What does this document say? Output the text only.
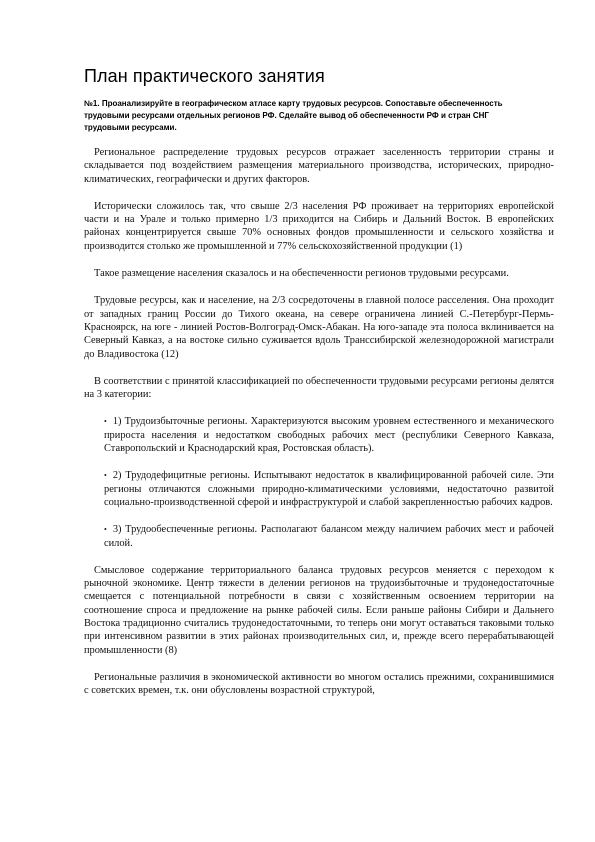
План практического занятия
№1. Проанализируйте в географическом атласе карту трудовых ресурсов. Сопоставьте обеспеченность трудовыми ресурсами отдельных регионов РФ. Сделайте вывод об обеспеченности РФ и стран СНГ трудовыми ресурсами.

Региональное распределение трудовых ресурсов отражает заселенность территории страны и складывается под воздействием размещения материального производства, исторических, природно-климатических, географически и других факторов.

Исторически сложилось так, что свыше 2/3 населения РФ проживает на территориях европейской части и на Урале и только примерно 1/3 приходится на Сибирь и Дальний Восток. В европейских районах концентрируется свыше 70% основных фондов промышленности и сельского хозяйства и производится столько же промышленной и 77% сельскохозяйственной продукции (1)

Такое размещение населения сказалось и на обеспеченности регионов трудовыми ресурсами.

Трудовые ресурсы, как и население, на 2/3 сосредоточены в главной полосе расселения. Она проходит от западных границ России до Тихого океана, на севере ограничена линией С.-Петербург-Пермь-Красноярск, на юге - линией Ростов-Волгоград-Омск-Абакан. На юго-западе эта полоса вклинивается на Северный Кавказ, а на востоке сильно суживается вдоль Транссибирской железнодорожной магистрали до Владивостока (12)

В соответствии с принятой классификацией по обеспеченности трудовыми ресурсами регионы делятся на 3 категории:

• 1) Трудоизбыточные регионы. Характеризуются высоким уровнем естественного и механического прироста населения и недостатком свободных рабочих мест (республики Северного Кавказа, Ставропольский и Краснодарский края, Ростовская область).
• 2) Трудодефицитные регионы. Испытывают недостаток в квалифицированной рабочей силе. Эти регионы отличаются сложными природно-климатическими условиями, недостаточно развитой социально-производственной сферой и инфраструктурой и слабой закрепленностью рабочих кадров.
• 3) Трудообеспеченные регионы. Располагают балансом между наличием рабочих мест и рабочей силой.

Смысловое содержание территориального баланса трудовых ресурсов меняется с переходом к рыночной экономике. Центр тяжести в делении регионов на трудоизбыточные и трудонедостаточные смещается с потенциальной потребности в связи с хозяйственным освоением территории на соотношение спроса и предложение на рынке рабочей силы. Если раньше районы Сибири и Дальнего Востока традиционно считались трудонедостаточными, то теперь они могут оставаться таковыми только при интенсивном развитии в этих районах производительных сил, и, прежде всего перерабатывающей промышленности (8)

Региональные различия в экономической активности во многом остались прежними, сохранившимися с советских времен, т.к. они обусловлены возрастной структурой,
